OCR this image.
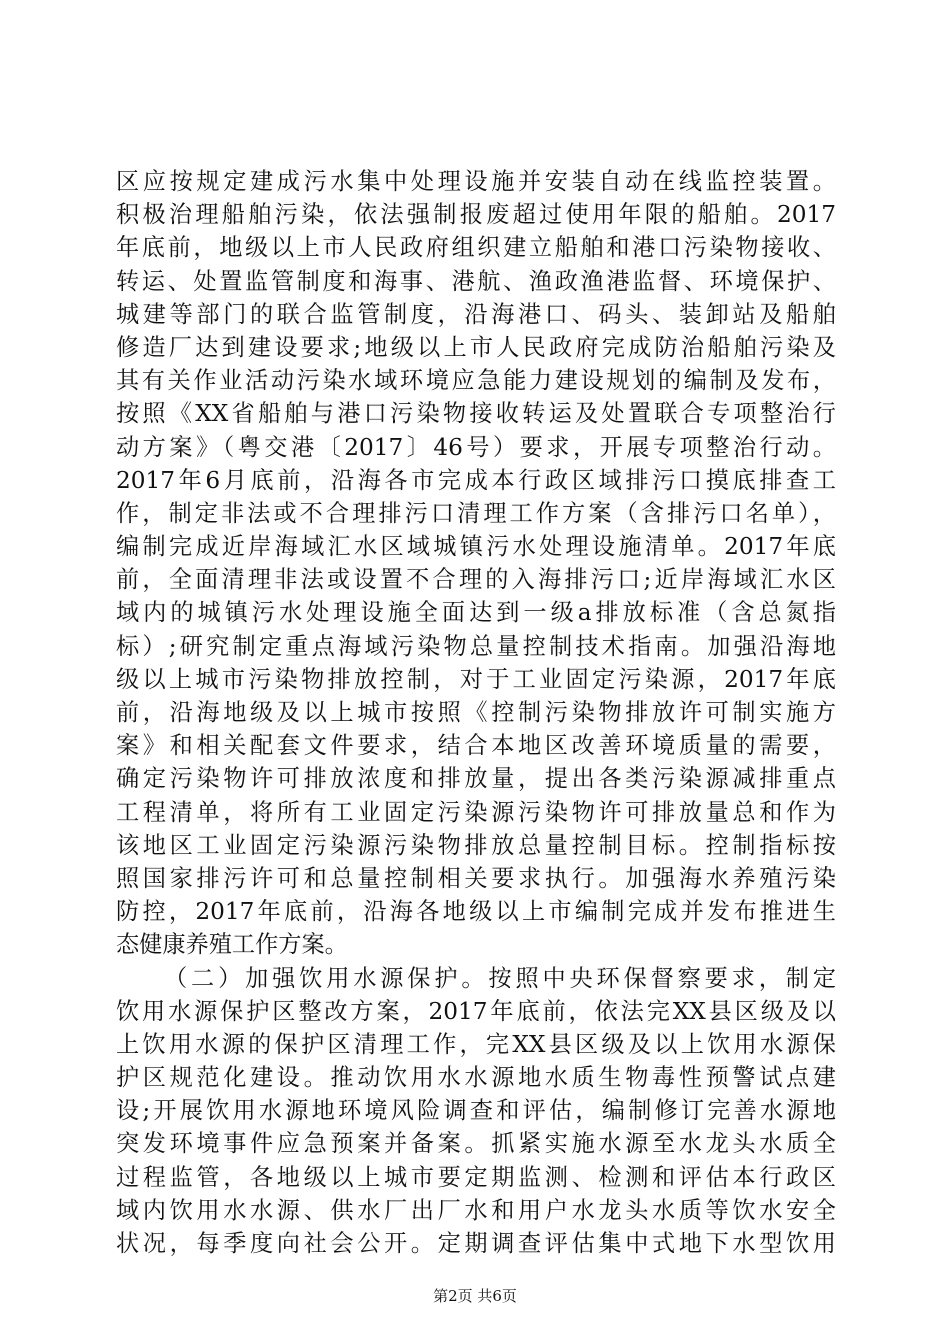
区应按规定建成污水集中处理设施并安装自动在线监控装置。
积极治理船舶污染，依法强制报废超过使用年限的船舶。2017
年底前，地级以上市人民政府组织建立船舶和港口污染物接收、
转运、处置监管制度和海事、港航、渔政渔港监督、环境保护、
城建等部门的联合监管制度，沿海港口、码头、装卸站及船舶
修造厂达到建设要求;地级以上市人民政府完成防治船舶污染及
其有关作业活动污染水域环境应急能力建设规划的编制及发布，
按照《XX省船舶与港口污染物接收转运及处置联合专项整治行
动方案》（粤交港〔2017〕46号）要求，开展专项整治行动。
2017年6月底前，沿海各市完成本行政区域排污口摸底排查工
作，制定非法或不合理排污口清理工作方案（含排污口名单），
编制完成近岸海域汇水区域城镇污水处理设施清单。2017年底
前，全面清理非法或设置不合理的入海排污口;近岸海域汇水区
域内的城镇污水处理设施全面达到一级a排放标准（含总氮指
标）;研究制定重点海域污染物总量控制技术指南。加强沿海地
级以上城市污染物排放控制，对于工业固定污染源，2017年底
前，沿海地级及以上城市按照《控制污染物排放许可制实施方
案》和相关配套文件要求，结合本地区改善环境质量的需要，
确定污染物许可排放浓度和排放量，提出各类污染源减排重点
工程清单，将所有工业固定污染源污染物许可排放量总和作为
该地区工业固定污染源污染物排放总量控制目标。控制指标按
照国家排污许可和总量控制相关要求执行。加强海水养殖污染
防控，2017年底前，沿海各地级以上市编制完成并发布推进生
态健康养殖工作方案。
（二）加强饮用水源保护。按照中央环保督察要求，制定
饮用水源保护区整改方案，2017年底前，依法完XX县区级及以
上饮用水源的保护区清理工作，完XX县区级及以上饮用水源保
护区规范化建设。推动饮用水水源地水质生物毒性预警试点建
设;开展饮用水源地环境风险调查和评估，编制修订完善水源地
突发环境事件应急预案并备案。抓紧实施水源至水龙头水质全
过程监管，各地级以上城市要定期监测、检测和评估本行政区
域内饮用水水源、供水厂出厂水和用户水龙头水质等饮水安全
状况，每季度向社会公开。定期调查评估集中式地下水型饮用
第2页 共6页
